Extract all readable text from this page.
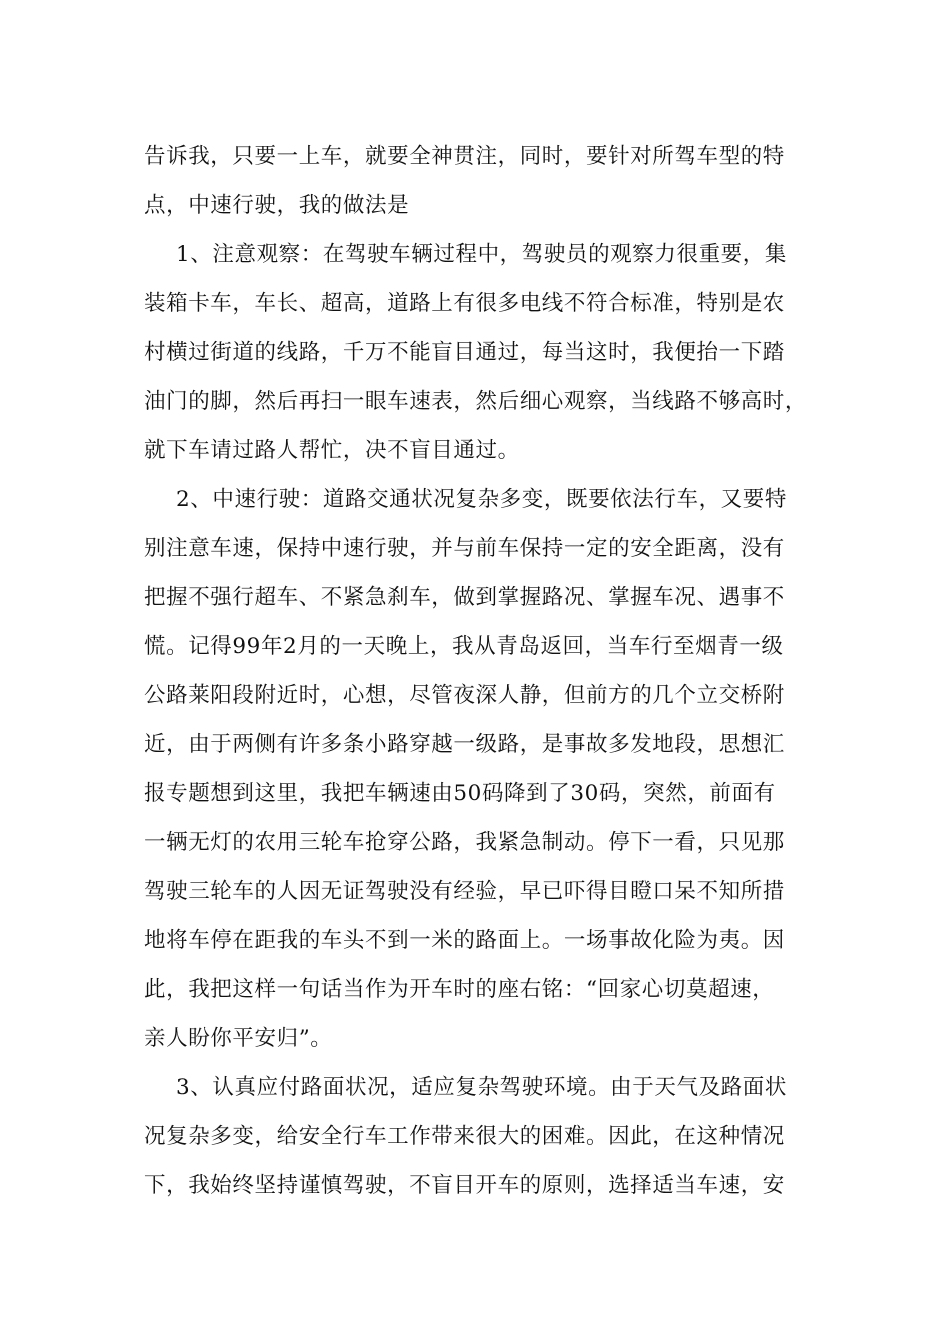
告诉我，只要一上车，就要全神贯注，同时，要针对所驾车型的特
点，中速行驶，我的做法是
1、注意观察：在驾驶车辆过程中，驾驶员的观察力很重要，集
装箱卡车，车长、超高，道路上有很多电线不符合标准，特别是农
村横过街道的线路，千万不能盲目通过，每当这时，我便抬一下踏
油门的脚，然后再扫一眼车速表，然后细心观察，当线路不够高时，
就下车请过路人帮忙，决不盲目通过。
2、中速行驶：道路交通状况复杂多变，既要依法行车，又要特
别注意车速，保持中速行驶，并与前车保持一定的安全距离，没有
把握不强行超车、不紧急刹车，做到掌握路况、掌握车况、遇事不
慌。记得99年2月的一天晚上，我从青岛返回，当车行至烟青一级
公路莱阳段附近时，心想，尽管夜深人静，但前方的几个立交桥附
近，由于两侧有许多条小路穿越一级路，是事故多发地段，思想汇
报专题想到这里，我把车辆速由50码降到了30码，突然，前面有
一辆无灯的农用三轮车抢穿公路，我紧急制动。停下一看，只见那
驾驶三轮车的人因无证驾驶没有经验，早已吓得目瞪口呆不知所措
地将车停在距我的车头不到一米的路面上。一场事故化险为夷。因
此，我把这样一句话当作为开车时的座右铭：“回家心切莫超速，
亲人盼你平安归”。
3、认真应付路面状况，适应复杂驾驶环境。由于天气及路面状
况复杂多变，给安全行车工作带来很大的困难。因此，在这种情况
下，我始终坚持谨慎驾驶，不盲目开车的原则，选择适当车速，安
